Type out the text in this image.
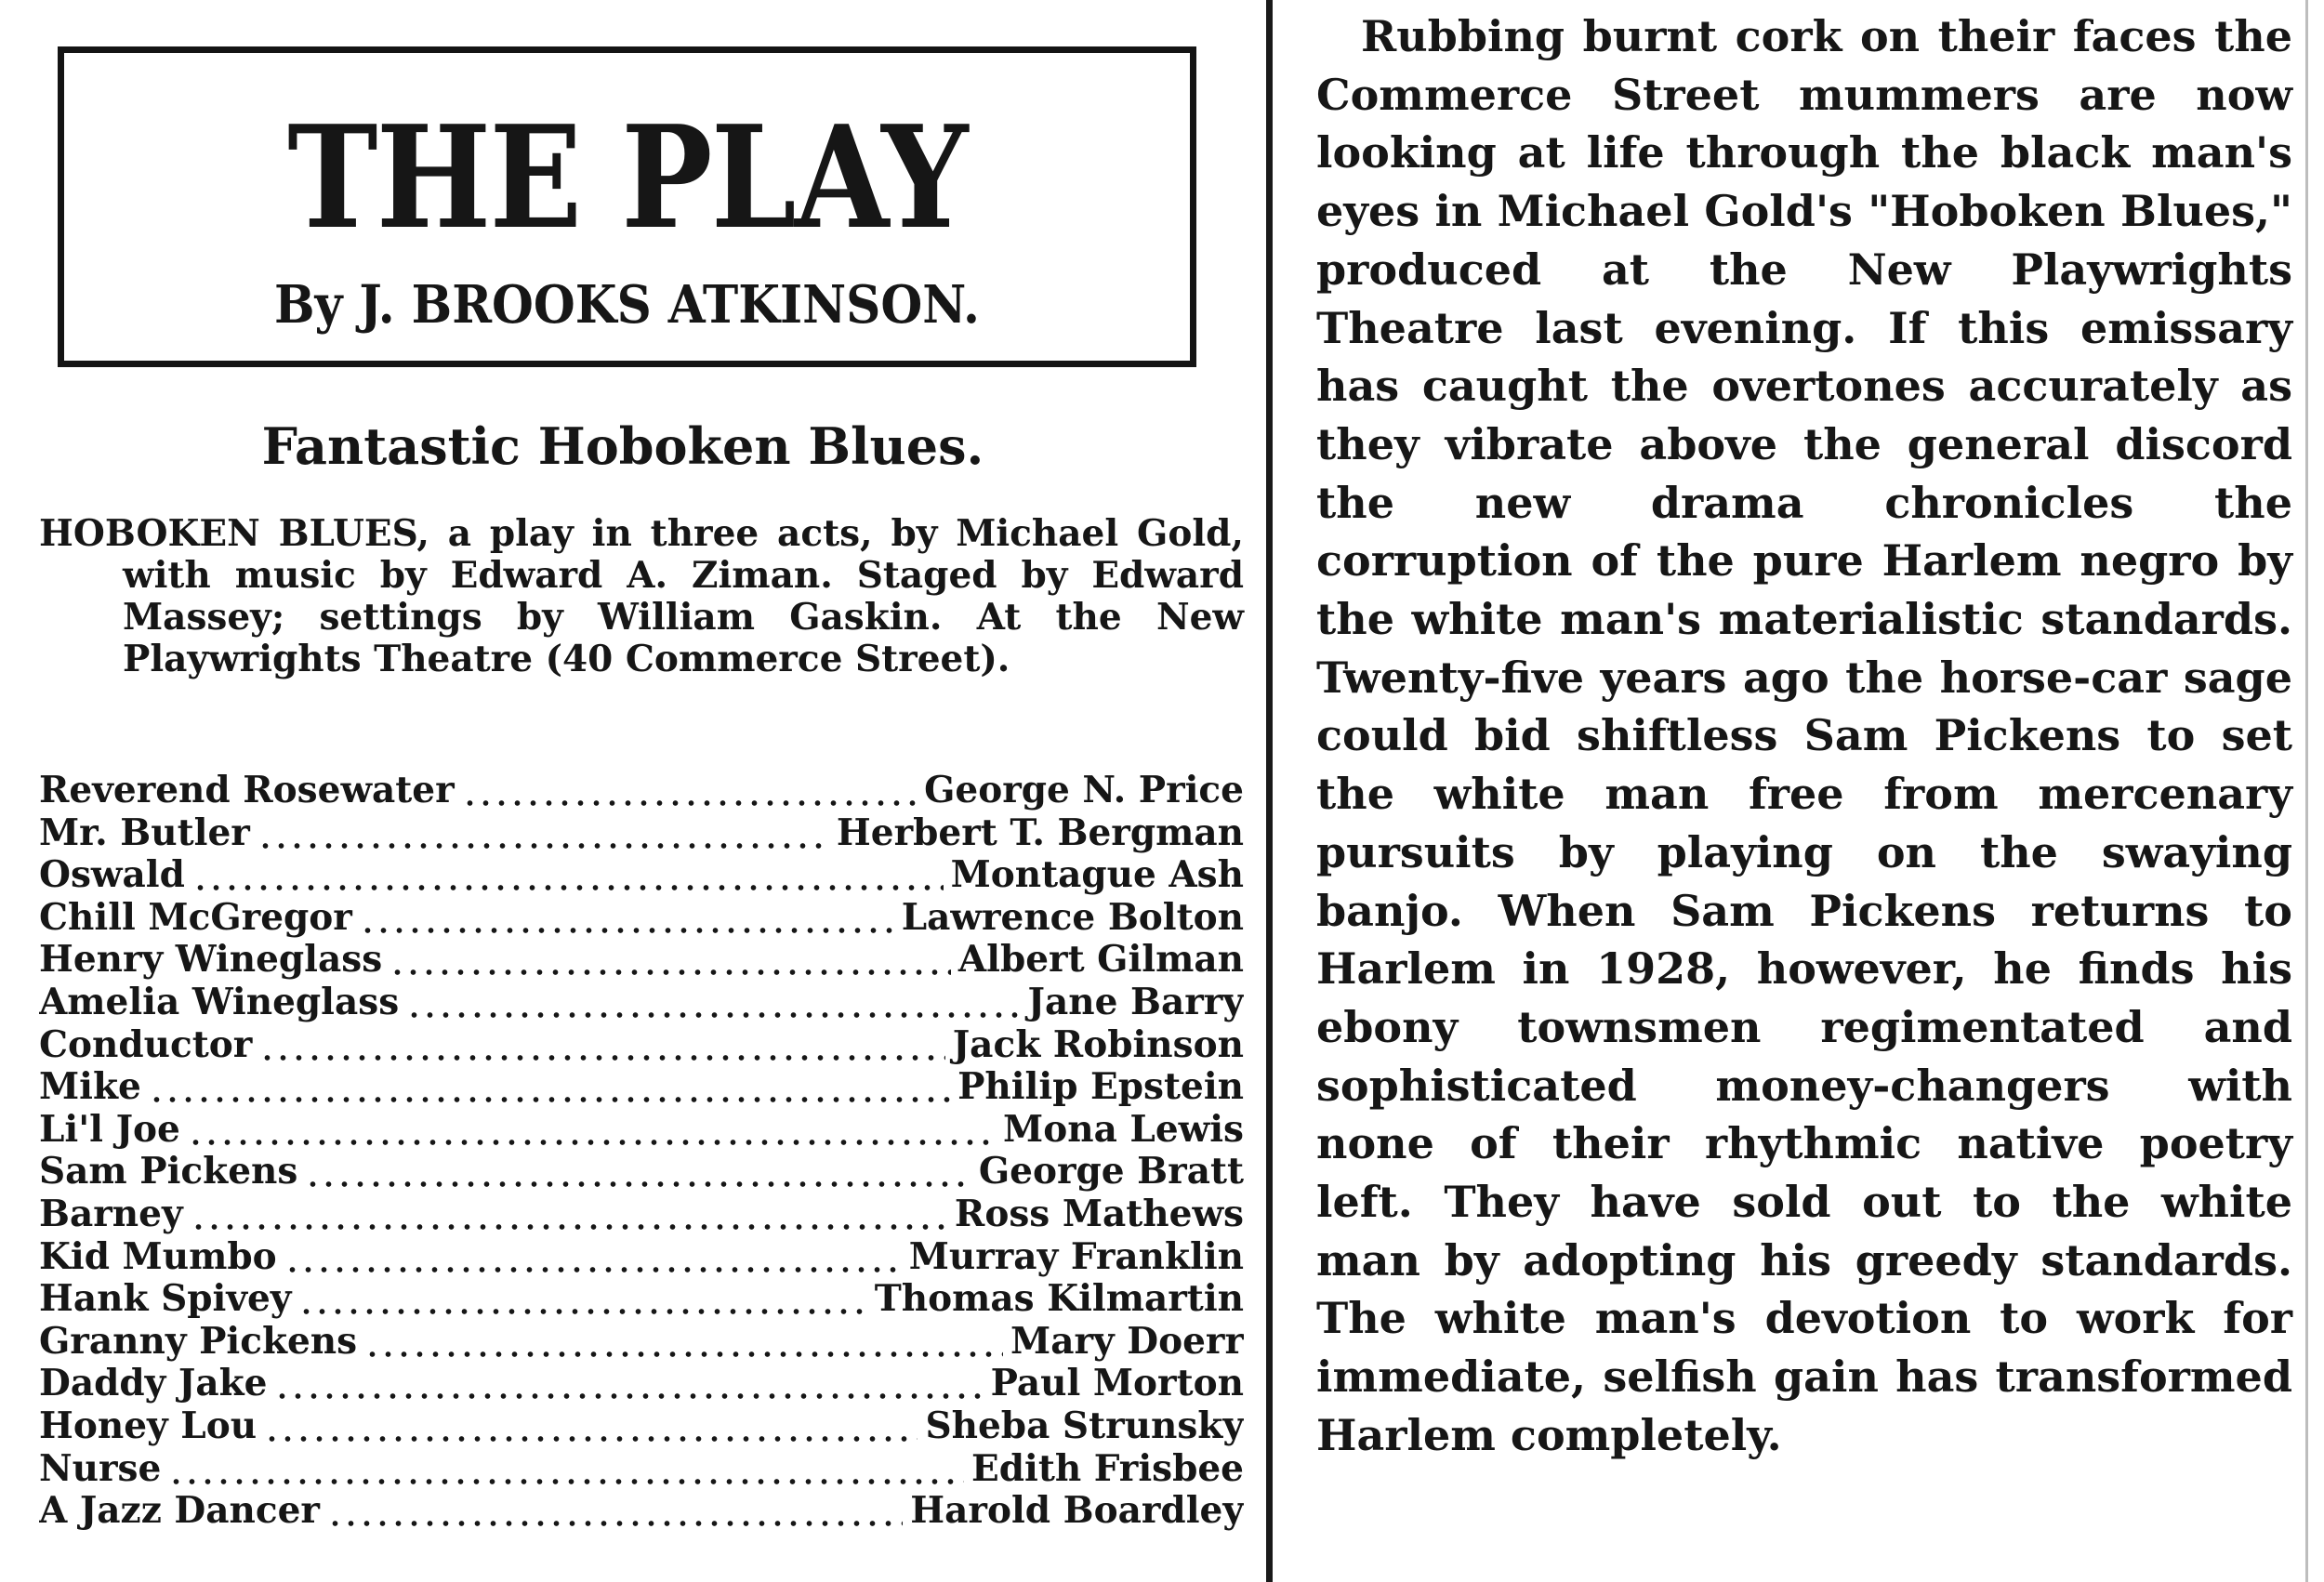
THE PLAY
By J. BROOKS ATKINSON.
Fantastic Hoboken Blues.
HOBOKEN BLUES, a play in three acts, by Michael Gold, with music by Edward A. Ziman. Staged by Edward Massey; settings by William Gaskin. At the New Playwrights Theatre (40 Commerce Street).
Reverend Rosewater	George N. Price
Mr. Butler	Herbert T. Bergman
Oswald	Montague Ash
Chill McGregor	Lawrence Bolton
Henry Wineglass	Albert Gilman
Amelia Wineglass	Jane Barry
Conductor	Jack Robinson
Mike	Philip Epstein
Li'l Joe	Mona Lewis
Sam Pickens	George Bratt
Barney	Ross Mathews
Kid Mumbo	Murray Franklin
Hank Spivey	Thomas Kilmartin
Granny Pickens	Mary Doerr
Daddy Jake	Paul Morton
Honey Lou	Sheba Strunsky
Nurse	Edith Frisbee
A Jazz Dancer	Harold Boardley

Rubbing burnt cork on their faces the Commerce Street mummers are now looking at life through the black man's eyes in Michael Gold's "Hoboken Blues," produced at the New Playwrights Theatre last evening. If this emissary has caught the overtones accurately as they vibrate above the general discord the new drama chronicles the corruption of the pure Harlem negro by the white man's materialistic standards. Twenty-five years ago the horse-car sage could bid shiftless Sam Pickens to set the white man free from mercenary pursuits by playing on the swaying banjo. When Sam Pickens returns to Harlem in 1928, however, he finds his ebony townsmen regimentated and sophisticated money-changers with none of their rhythmic native poetry left. They have sold out to the white man by adopting his greedy standards. The white man's devotion to work for immediate, selfish gain has transformed Harlem completely.
